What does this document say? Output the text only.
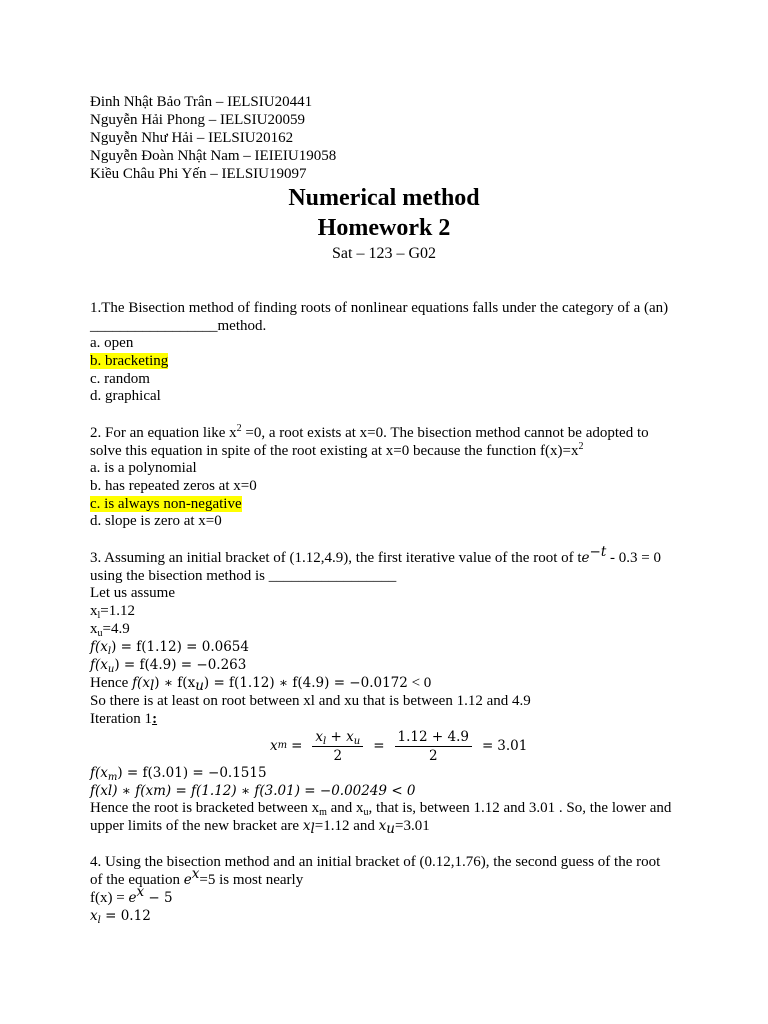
Đinh Nhật Bảo Trân – IELSIU20441
Nguyễn Hải Phong – IELSIU20059
Nguyễn Như Hải – IELSIU20162
Nguyễn Đoàn Nhật Nam – IEIEIU19058
Kiều Châu Phi Yến – IELSIU19097
Numerical method
Homework 2
Sat – 123 – G02
1.The Bisection method of finding roots of nonlinear equations falls under the category of a (an)
_________________method.
a. open
b. bracketing
c. random
d. graphical
2. For an equation like $x^2 =0$, a root exists at x=0. The bisection method cannot be adopted to
solve this equation in spite of the root existing at x=0 because the function $f(x)=x^2$
a. is a polynomial
b. has repeated zeros at x=0
c. is always non-negative
d. slope is zero at x=0
3. Assuming an initial bracket of (1.12,4.9), the first iterative value of the root of $te^{-t} - 0.3 = 0$
using the bisection method is _________________
Let us assume
$x_l=1.12$
$x_u=4.9$
$f(x_l) = f(1.12) = 0.0654$
$f(x_u) = f(4.9) = -0.263$
Hence $f(x_l)$ ∗ $f(x_u) = f(1.12)$ ∗ f(4.9) = −0.0172 < 0
So there is at least on root between xl and xu that is between 1.12 and 4.9
Iteration 1:
x $m = \frac{x_l + x_u}{2} = \frac{1.12 + 4.9}{2} = 3.01$
$f(x_m) = f(3.01) = -0.1515$
f(xl) ∗ f(xm) = f(1.12) ∗ f(3.01) = −0.00249 < 0
Hence the root is bracketed between $x_m$ and $x_u$, that is, between 1.12 and 3.01 . So, the lower and
upper limits of the new bracket are $x_l=1.12$ and $x_u=3.01$
4. Using the bisection method and an initial bracket of (0.12,1.76), the second guess of the root
of the equation $e^x=5$ is most nearly
$f(x) = e^x - 5$
$x_l = 0.12$
